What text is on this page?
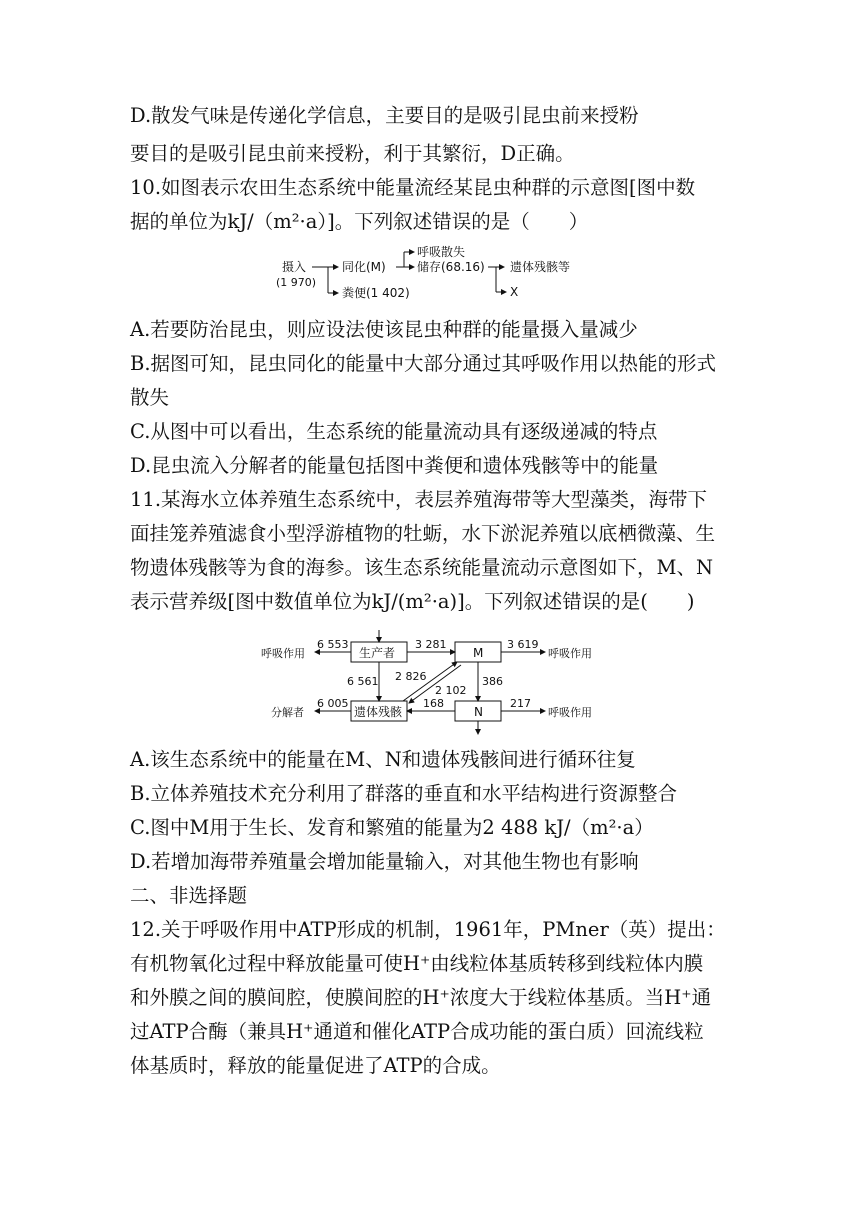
D.散发气味是传递化学信息，主要目的是吸引昆虫前来授粉
要目的是吸引昆虫前来授粉，利于其繁衍，D正确。
10.如图表示农田生态系统中能量流经某昆虫种群的示意图[图中数
据的单位为kJ/（m²·a）]。下列叙述错误的是（　　）
摄入
(1 970)
同化(M)
呼吸散失
储存(68.16) 遗体残骸等
粪便(1 402)	X
A.若要防治昆虫，则应设法使该昆虫种群的能量摄入量减少
B.据图可知，昆虫同化的能量中大部分通过其呼吸作用以热能的形式
散失
C.从图中可以看出，生态系统的能量流动具有逐级递减的特点
D.昆虫流入分解者的能量包括图中粪便和遗体残骸等中的能量
11.某海水立体养殖生态系统中，表层养殖海带等大型藻类，海带下
面挂笼养殖滤食小型浮游植物的牡蛎，水下淤泥养殖以底栖微藻、生
物遗体残骸等为食的海参。该生态系统能量流动示意图如下，M、N
表示营养级[图中数值单位为kJ/(m²·a)]。下列叙述错误的是(　　)
生产者	M
遗体残骸	N
呼吸作用	呼吸作用
呼吸作用
分解者
6 553	3 281	3 619
6 561 2 826
2 102
386
6 005	168	217
A.该生态系统中的能量在M、N和遗体残骸间进行循环往复
B.立体养殖技术充分利用了群落的垂直和水平结构进行资源整合
C.图中M用于生长、发育和繁殖的能量为2 488 kJ/（m²·a）
D.若增加海带养殖量会增加能量输入，对其他生物也有影响
二、非选择题
12.关于呼吸作用中ATP形成的机制，1961年，PMner（英）提出：
有机物氧化过程中释放能量可使H⁺由线粒体基质转移到线粒体内膜
和外膜之间的膜间腔，使膜间腔的H⁺浓度大于线粒体基质。当H⁺通
过ATP合酶（兼具H⁺通道和催化ATP合成功能的蛋白质）回流线粒
体基质时，释放的能量促进了ATP的合成。
